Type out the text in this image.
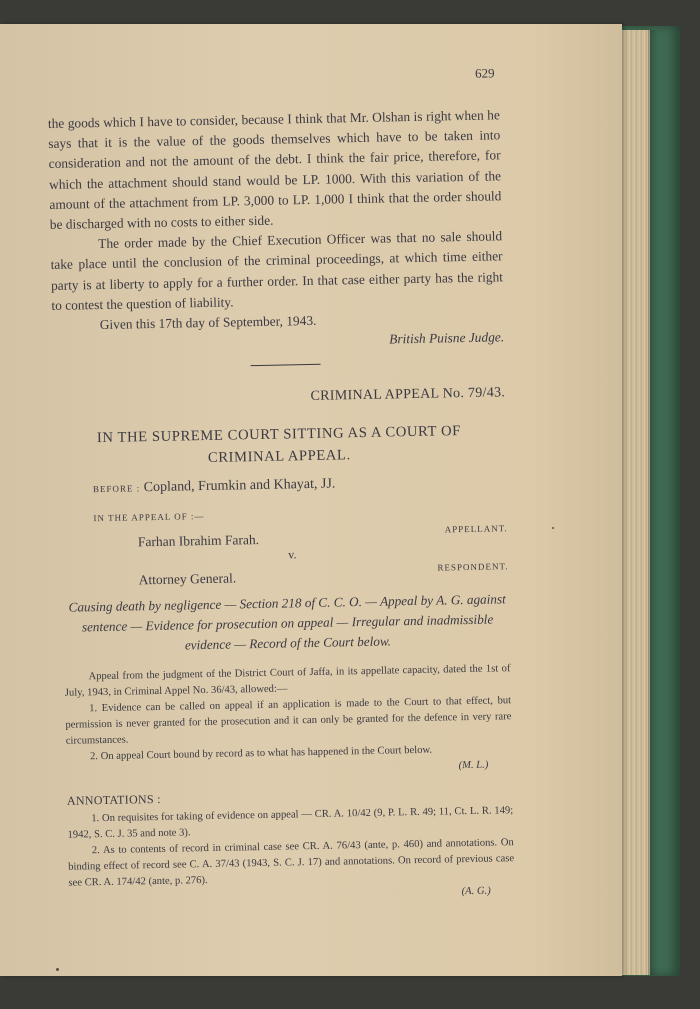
629

the goods which I have to consider, because I think that Mr. Olshan is right when he says that it is the value of the goods themselves which have to be taken into consideration and not the amount of the debt. I think the fair price, therefore, for which the attachment should stand would be LP. 1000. With this variation of the amount of the attachment from LP. 3,000 to LP. 1,000 I think that the order should be discharged with no costs to either side.

The order made by the Chief Execution Officer was that no sale should take place until the conclusion of the criminal proceedings, at which time either party is at liberty to apply for a further order. In that case either party has the right to contest the question of liability.

Given this 17th day of September, 1943.

British Puisne Judge.

CRIMINAL APPEAL No. 79/43.
IN THE SUPREME COURT SITTING AS A COURT OF
CRIMINAL APPEAL.
BEFORE : Copland, Frumkin and Khayat, JJ.
IN THE APPEAL OF :—
Farhan Ibrahim Farah.
APPELLANT.
v.
Attorney General.
RESPONDENT.
Causing death by negligence — Section 218 of C. C. O. — Appeal by A. G. against sentence — Evidence for prosecution on appeal — Irregular and inadmissible evidence — Record of the Court below.

Appeal from the judgment of the District Court of Jaffa, in its appellate capacity, dated the 1st of July, 1943, in Criminal Appel No. 36/43, allowed:—

1. Evidence can be called on appeal if an application is made to the Court to that effect, but permission is never granted for the prosecution and it can only be granted for the defence in very rare circumstances.

2. On appeal Court bound by record as to what has happened in the Court below.

(M. L.)

ANNOTATIONS :

1. On requisites for taking of evidence on appeal — CR. A. 10/42 (9, P. L. R. 49; 11, Ct. L. R. 149; 1942, S. C. J. 35 and note 3).

2. As to contents of record in criminal case see CR. A. 76/43 (ante, p. 460) and annotations. On binding effect of record see C. A. 37/43 (1943, S. C. J. 17) and annotations. On record of previous case see CR. A. 174/42 (ante, p. 276).

(A. G.)
